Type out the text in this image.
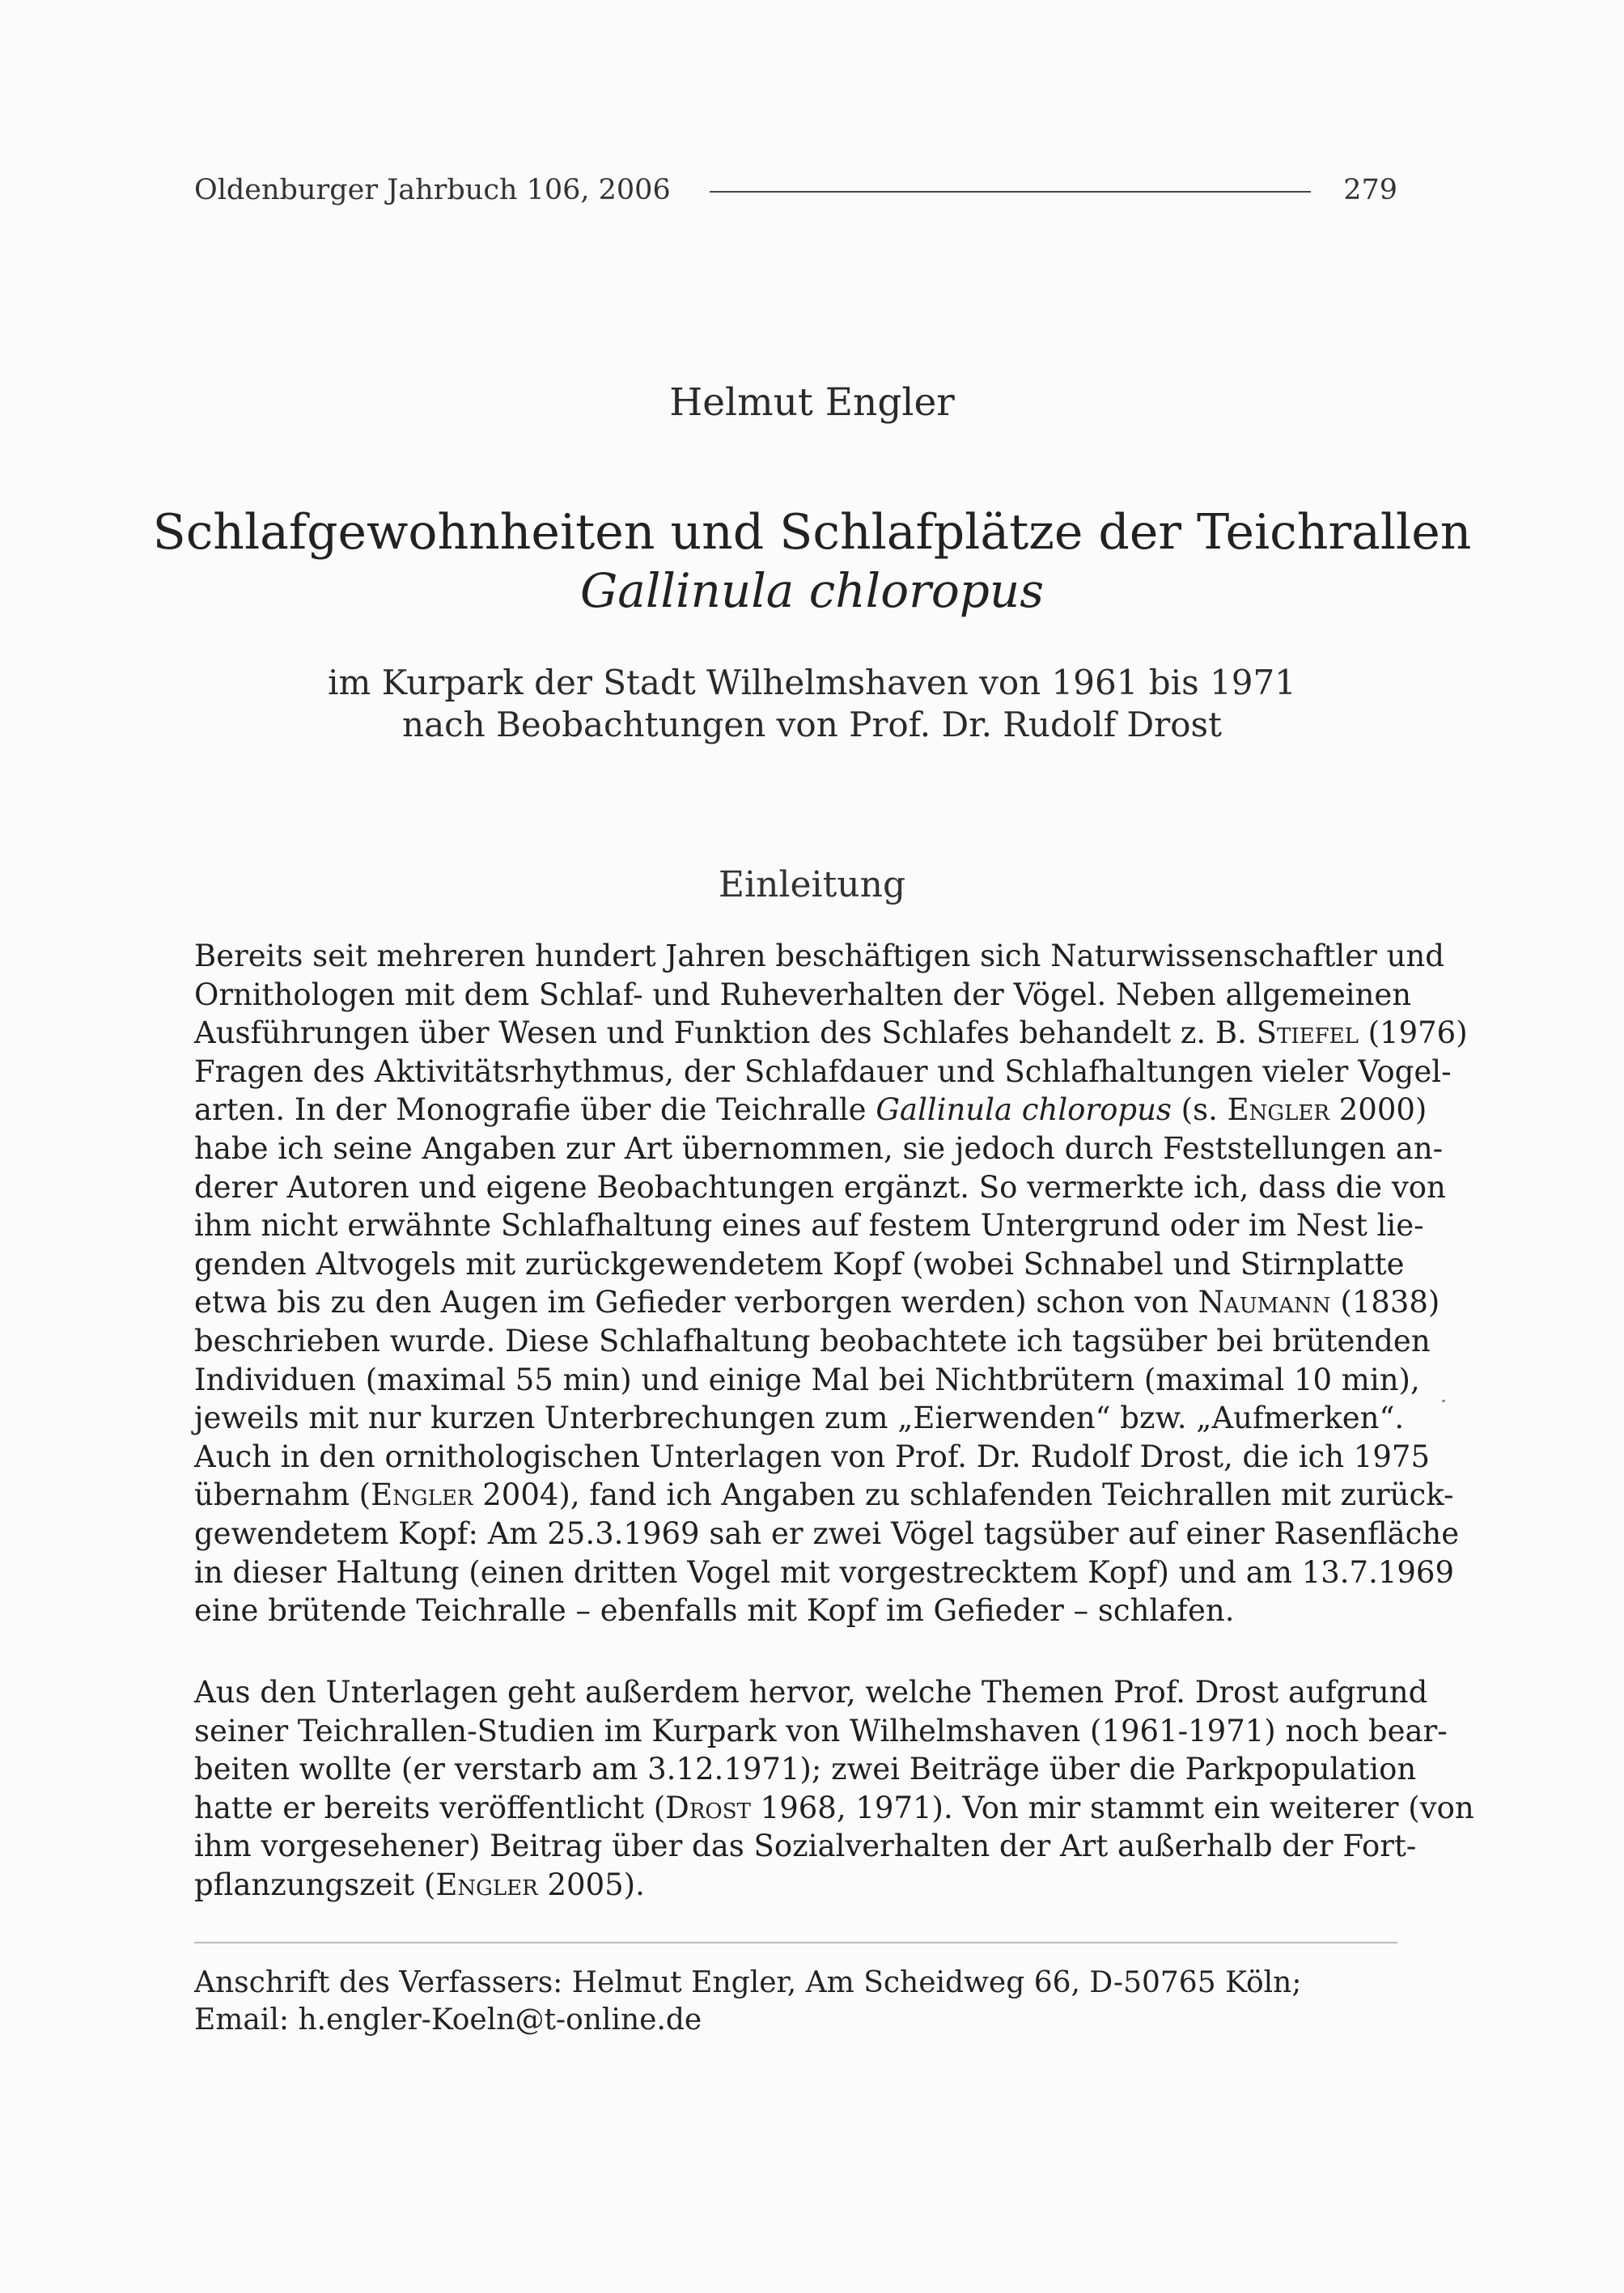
Oldenburger Jahrbuch 106, 2006	279
Helmut Engler
Schlafgewohnheiten und Schlafplätze der Teichrallen
Gallinula chloropus
im Kurpark der Stadt Wilhelmshaven von 1961 bis 1971
nach Beobachtungen von Prof. Dr. Rudolf Drost
Einleitung
Bereits seit mehreren hundert Jahren beschäftigen sich Naturwissenschaftler und
Ornithologen mit dem Schlaf- und Ruheverhalten der Vögel. Neben allgemeinen
Ausführungen über Wesen und Funktion des Schlafes behandelt z. B. Stiefel (1976)
Fragen des Aktivitätsrhythmus, der Schlafdauer und Schlafhaltungen vieler Vogel-
arten. In der Monografie über die Teichralle Gallinula chloropus (s. Engler 2000)
habe ich seine Angaben zur Art übernommen, sie jedoch durch Feststellungen an-
derer Autoren und eigene Beobachtungen ergänzt. So vermerkte ich, dass die von
ihm nicht erwähnte Schlafhaltung eines auf festem Untergrund oder im Nest lie-
genden Altvogels mit zurückgewendetem Kopf (wobei Schnabel und Stirnplatte
etwa bis zu den Augen im Gefieder verborgen werden) schon von Naumann (1838)
beschrieben wurde. Diese Schlafhaltung beobachtete ich tagsüber bei brütenden
Individuen (maximal 55 min) und einige Mal bei Nichtbrütern (maximal 10 min),
jeweils mit nur kurzen Unterbrechungen zum „Eierwenden“ bzw. „Aufmerken“.
Auch in den ornithologischen Unterlagen von Prof. Dr. Rudolf Drost, die ich 1975
übernahm (Engler 2004), fand ich Angaben zu schlafenden Teichrallen mit zurück-
gewendetem Kopf: Am 25.3.1969 sah er zwei Vögel tagsüber auf einer Rasenfläche
in dieser Haltung (einen dritten Vogel mit vorgestrecktem Kopf) und am 13.7.1969
eine brütende Teichralle – ebenfalls mit Kopf im Gefieder – schlafen.
Aus den Unterlagen geht außerdem hervor, welche Themen Prof. Drost aufgrund
seiner Teichrallen-Studien im Kurpark von Wilhelmshaven (1961-1971) noch bear-
beiten wollte (er verstarb am 3.12.1971); zwei Beiträge über die Parkpopulation
hatte er bereits veröffentlicht (Drost 1968, 1971). Von mir stammt ein weiterer (von
ihm vorgesehener) Beitrag über das Sozialverhalten der Art außerhalb der Fort-
pflanzungszeit (Engler 2005).
Anschrift des Verfassers: Helmut Engler, Am Scheidweg 66, D-50765 Köln;
Email: h.engler-Koeln@t-online.de
